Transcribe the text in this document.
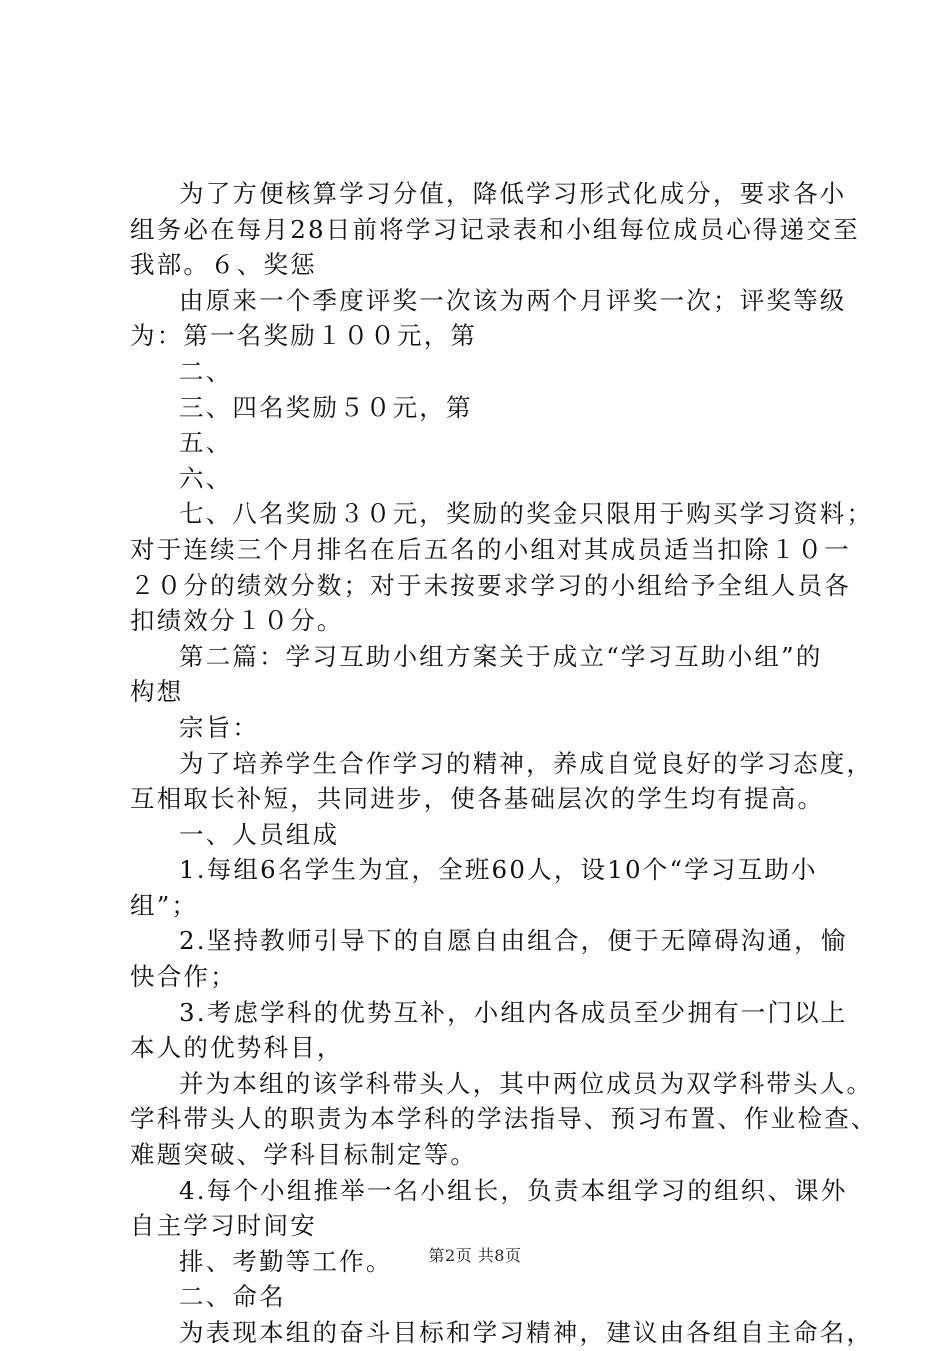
为了方便核算学习分值，降低学习形式化成分，要求各小
组务必在每月28日前将学习记录表和小组每位成员心得递交至
我部。６、奖惩
由原来一个季度评奖一次该为两个月评奖一次；评奖等级
为：第一名奖励１００元，第
二、
三、四名奖励５０元，第
五、
六、
七、八名奖励３０元，奖励的奖金只限用于购买学习资料；
对于连续三个月排名在后五名的小组对其成员适当扣除１０一
２０分的绩效分数；对于未按要求学习的小组给予全组人员各
扣绩效分１０分。
第二篇：学习互助小组方案关于成立“学习互助小组”的
构想
宗旨：
为了培养学生合作学习的精神，养成自觉良好的学习态度，
互相取长补短，共同进步，使各基础层次的学生均有提高。
一、人员组成
1.每组6名学生为宜，全班60人，设10个“学习互助小
组”；
2.坚持教师引导下的自愿自由组合，便于无障碍沟通，愉
快合作；
3.考虑学科的优势互补，小组内各成员至少拥有一门以上
本人的优势科目，
并为本组的该学科带头人，其中两位成员为双学科带头人。
学科带头人的职责为本学科的学法指导、预习布置、作业检查、
难题突破、学科目标制定等。
4.每个小组推举一名小组长，负责本组学习的组织、课外
自主学习时间安
排、考勤等工作。
二、命名
为表现本组的奋斗目标和学习精神，建议由各组自主命名，
第2页 共8页
